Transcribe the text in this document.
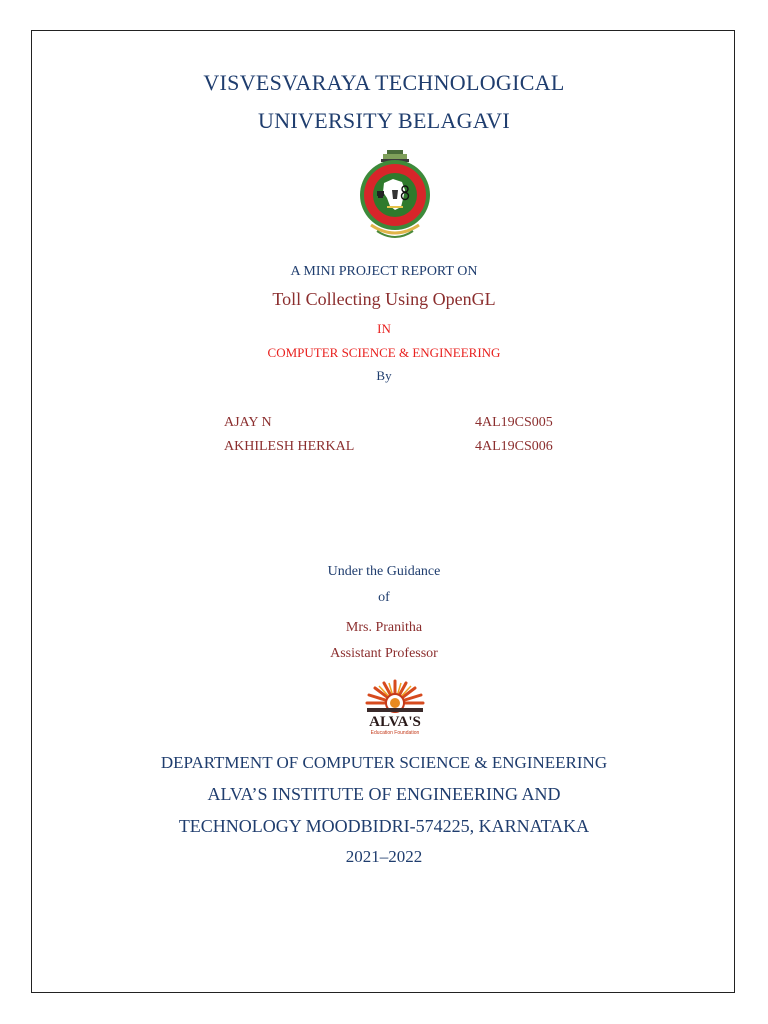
VISVESVARAYA TECHNOLOGICAL
UNIVERSITY BELAGAVI
A MINI PROJECT REPORT ON
Toll Collecting Using OpenGL
IN
COMPUTER SCIENCE & ENGINEERING
By
AJAY N	4AL19CS005
AKHILESH HERKAL	4AL19CS006
Under the Guidance
of
Mrs. Pranitha
Assistant Professor
ALVA'S
Education Foundation
DEPARTMENT OF COMPUTER SCIENCE & ENGINEERING
ALVA’S INSTITUTE OF ENGINEERING AND
TECHNOLOGY MOODBIDRI-574225, KARNATAKA
2021–2022
